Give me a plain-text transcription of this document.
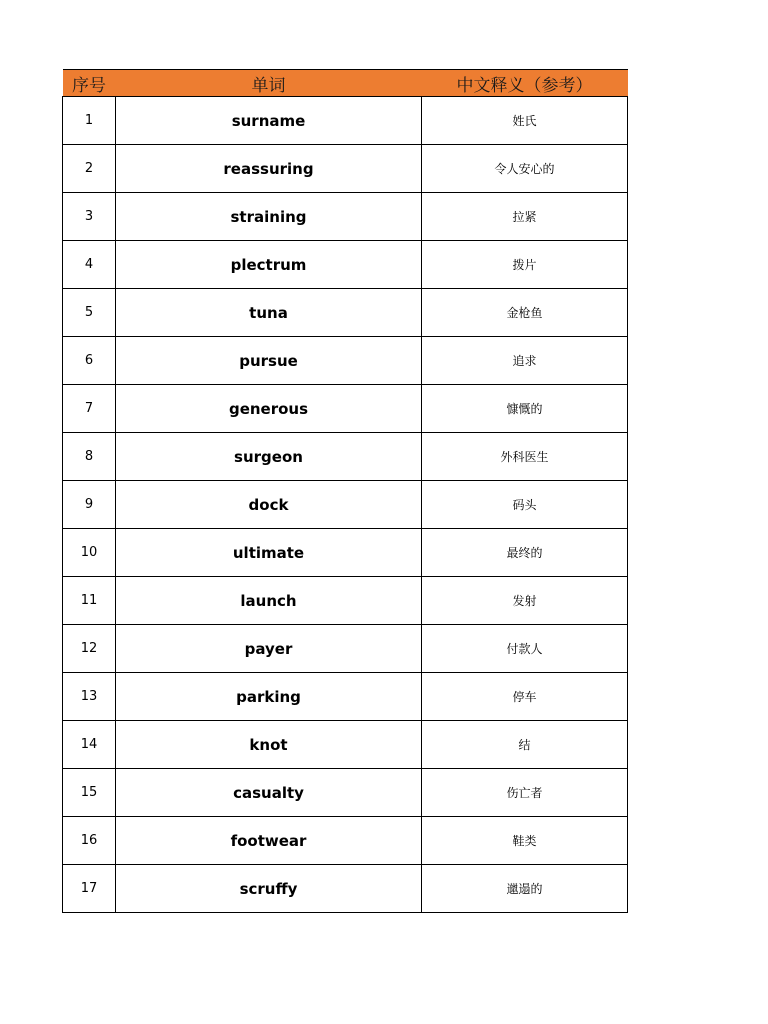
序号	单词	中文释义（参考）
1	surname	姓氏
2	reassuring	令人安心的
3	straining	拉紧
4	plectrum	拨片
5	tuna	金枪鱼
6	pursue	追求
7	generous	慷慨的
8	surgeon	外科医生
9	dock	码头
10	ultimate	最终的
11	launch	发射
12	payer	付款人
13	parking	停车
14	knot	结
15	casualty	伤亡者
16	footwear	鞋类
17	scruffy	邋遢的
